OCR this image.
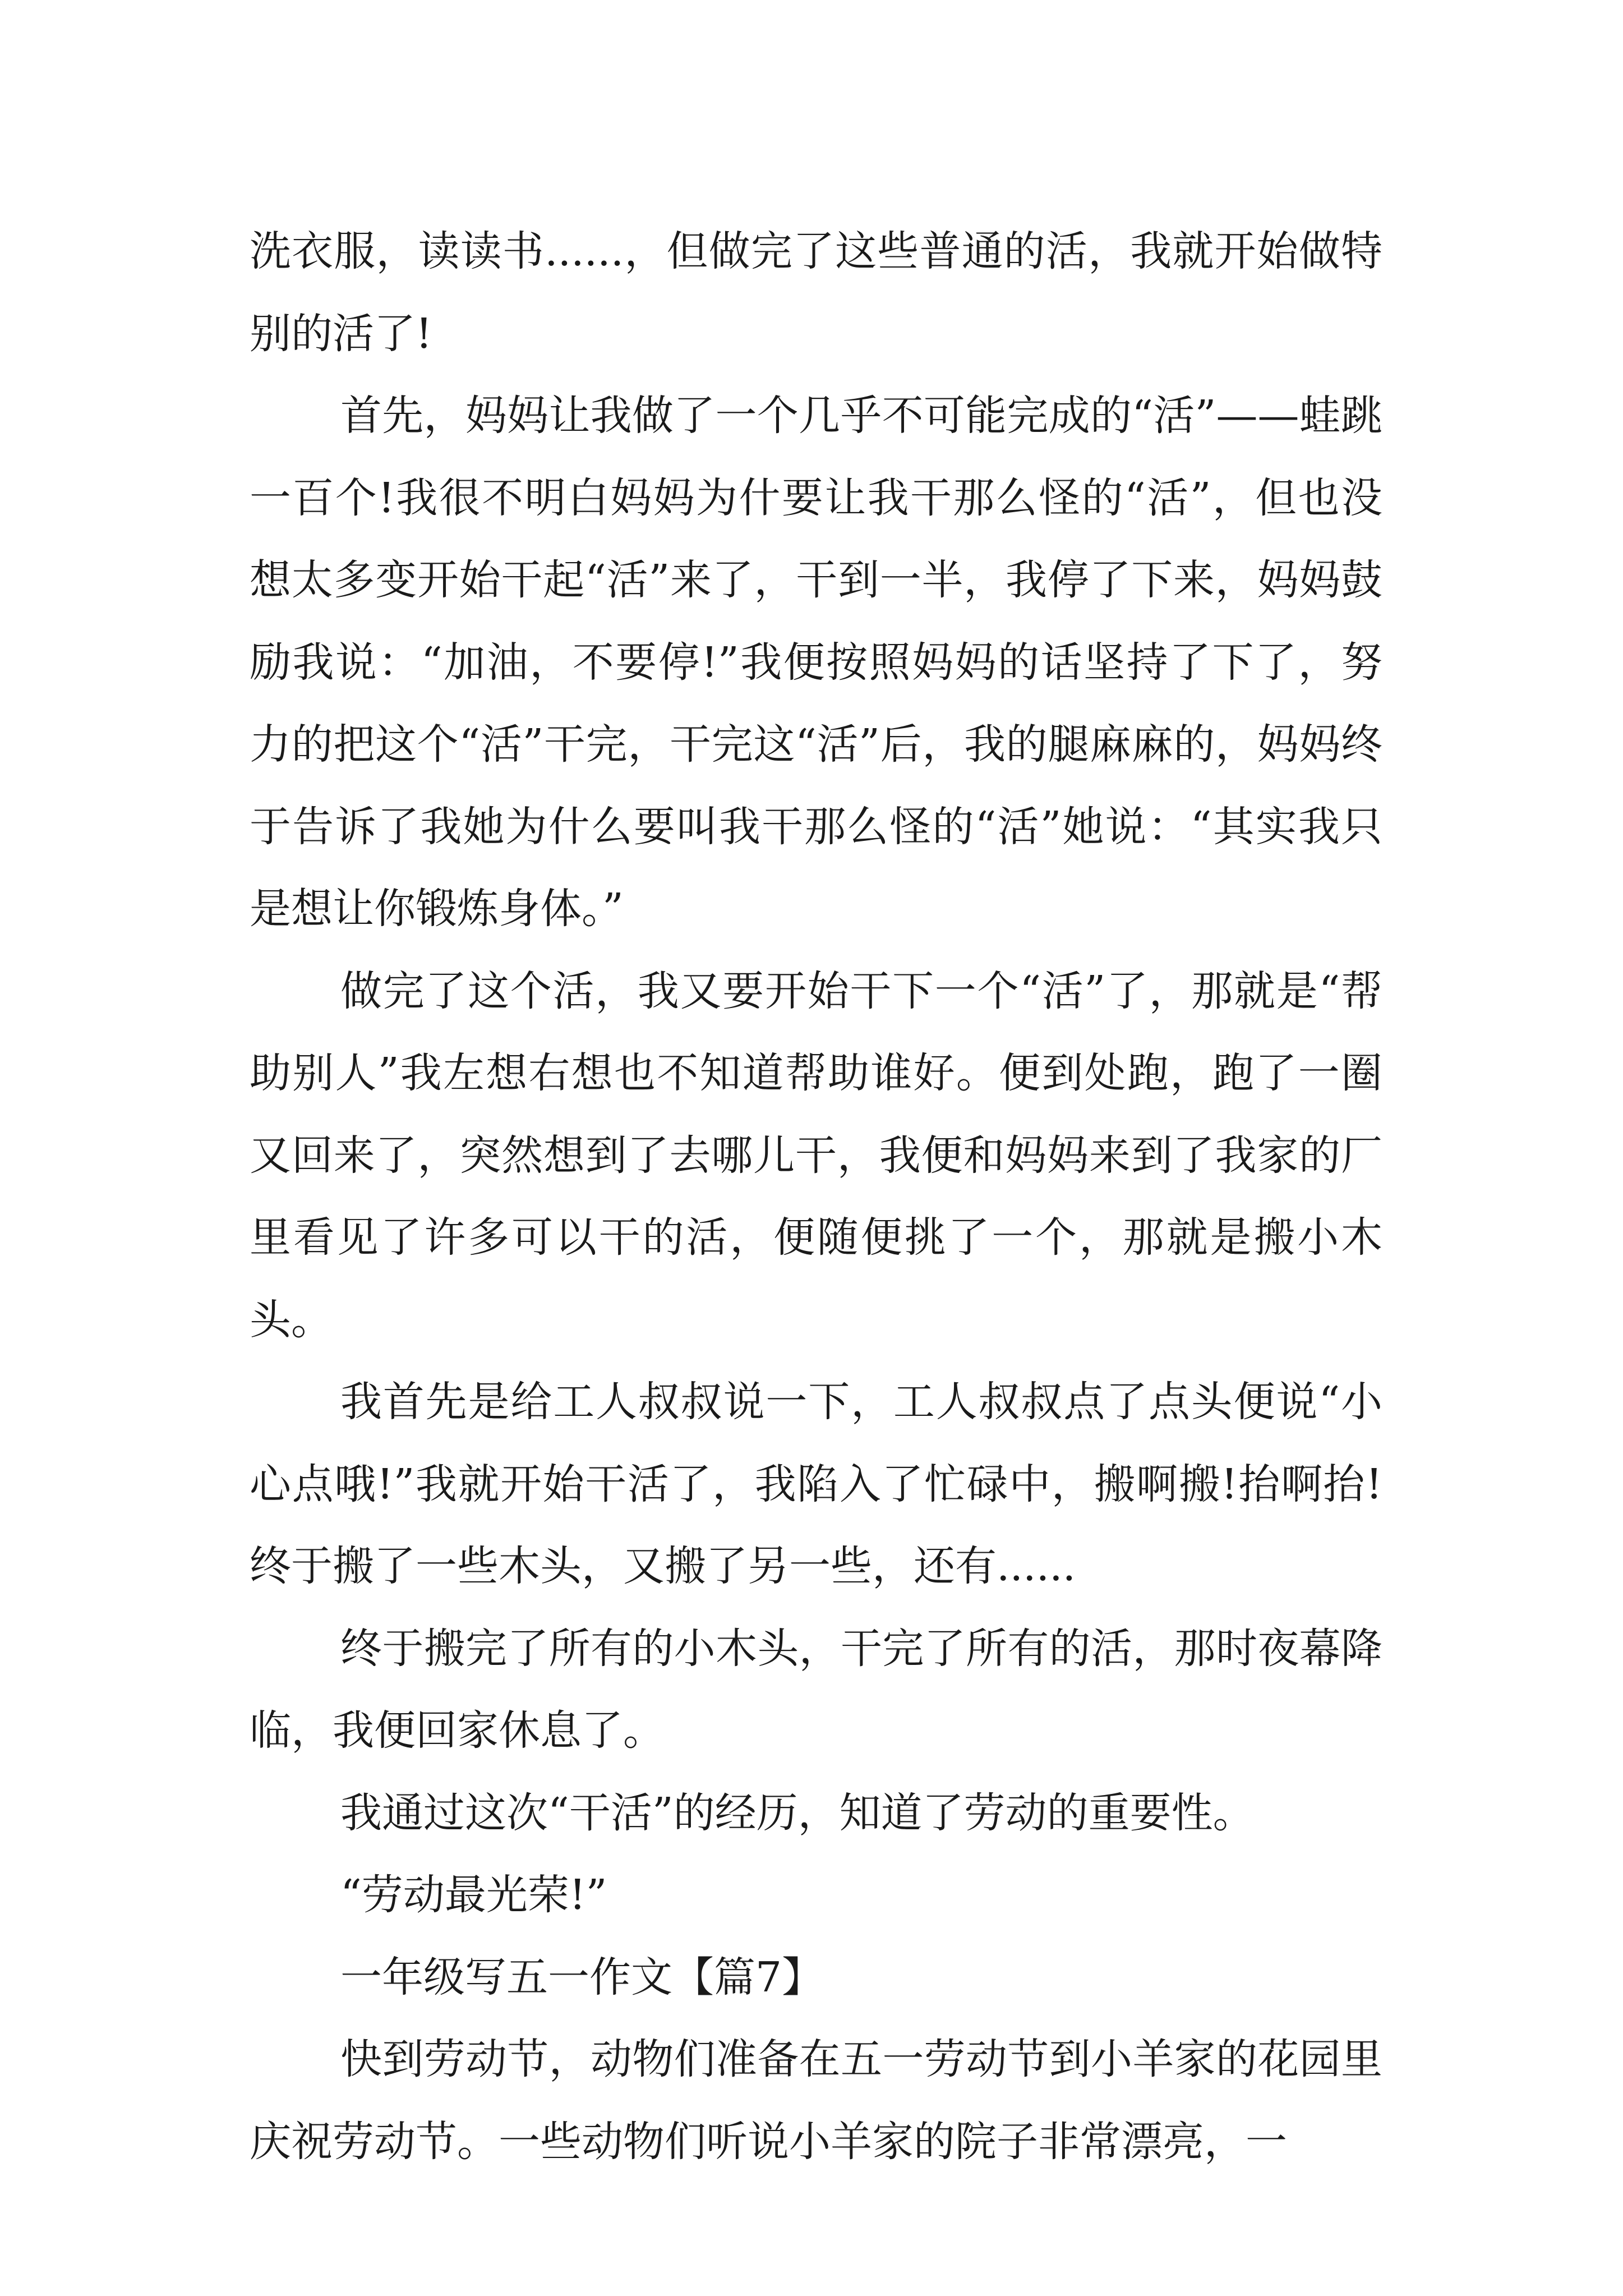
洗衣服，读读书......，但做完了这些普通的活，我就开始做特别的活了!

首先，妈妈让我做了一个几乎不可能完成的“活”——蛙跳一百个!我很不明白妈妈为什要让我干那么怪的“活”，但也没想太多变开始干起“活”来了，干到一半，我停了下来，妈妈鼓励我说：“加油，不要停!”我便按照妈妈的话坚持了下了，努力的把这个“活”干完，干完这“活”后，我的腿麻麻的，妈妈终于告诉了我她为什么要叫我干那么怪的“活”她说：“其实我只是想让你锻炼身体。”

做完了这个活，我又要开始干下一个“活”了，那就是“帮助别人”我左想右想也不知道帮助谁好。便到处跑，跑了一圈又回来了，突然想到了去哪儿干，我便和妈妈来到了我家的厂里看见了许多可以干的活，便随便挑了一个，那就是搬小木头。

我首先是给工人叔叔说一下，工人叔叔点了点头便说“小心点哦!”我就开始干活了，我陷入了忙碌中，搬啊搬!抬啊抬!终于搬了一些木头，又搬了另一些，还有......

终于搬完了所有的小木头，干完了所有的活，那时夜幕降临，我便回家休息了。

我通过这次“干活”的经历，知道了劳动的重要性。

“劳动最光荣!”

一年级写五一作文【篇7】

快到劳动节，动物们准备在五一劳动节到小羊家的花园里庆祝劳动节。一些动物们听说小羊家的院子非常漂亮，一
